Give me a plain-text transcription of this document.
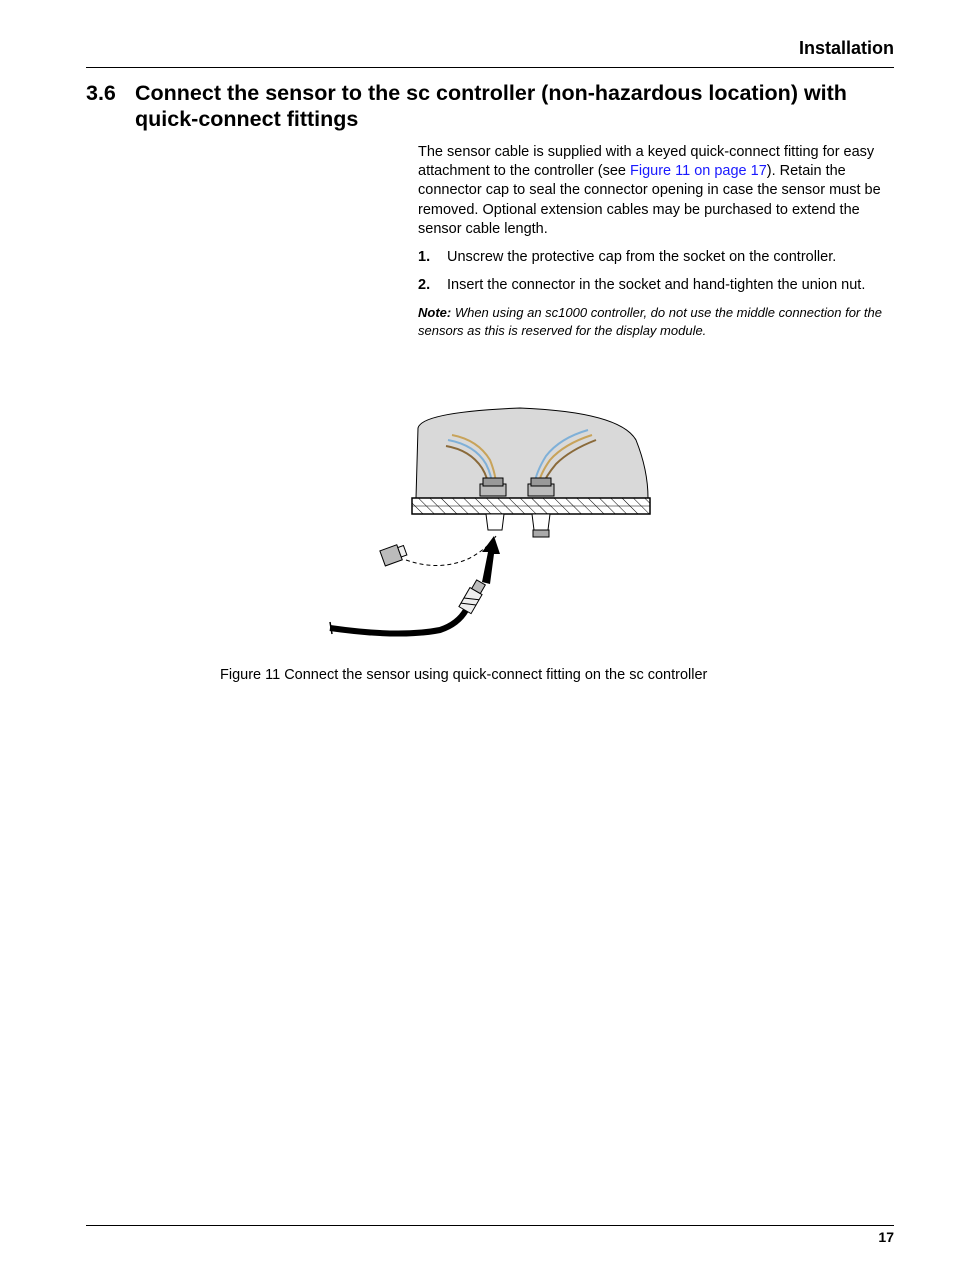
Installation
3.6 Connect the sensor to the sc controller (non-hazardous location) with quick-connect fittings

The sensor cable is supplied with a keyed quick-connect fitting for easy attachment to the controller (see Figure 11 on page 17). Retain the connector cap to seal the connector opening in case the sensor must be removed. Optional extension cables may be purchased to extend the sensor cable length.

1. Unscrew the protective cap from the socket on the controller.
2. Insert the connector in the socket and hand-tighten the union nut.
Note: When using an sc1000 controller, do not use the middle connection for the sensors as this is reserved for the display module.
Figure 11 Connect the sensor using quick-connect fitting on the sc controller
17
